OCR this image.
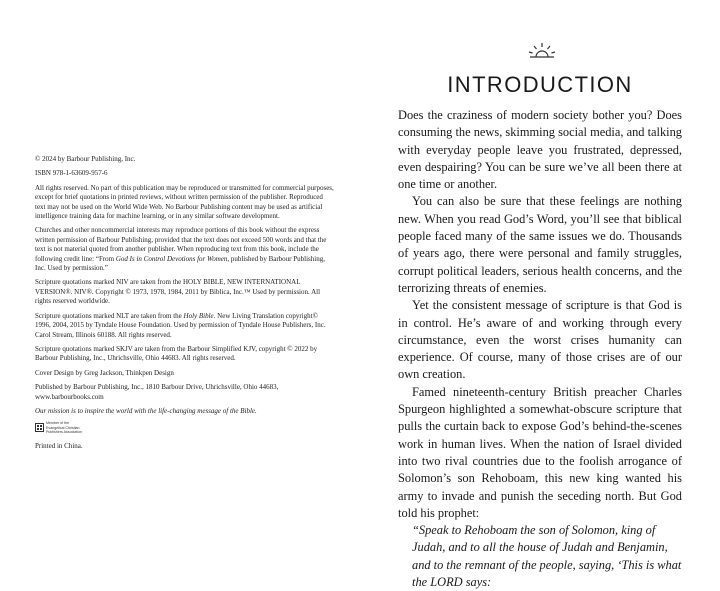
© 2024 by Barbour Publishing, Inc.

ISBN 978-1-63609-957-6

All rights reserved. No part of this publication may be reproduced or transmitted for commercial purposes, except for brief quotations in printed reviews, without written permission of the publisher. Reproduced text may not be used on the World Wide Web. No Barbour Publishing content may be used as artificial intelligence training data for machine learning, or in any similar software development.

Churches and other noncommercial interests may reproduce portions of this book without the express written permission of Barbour Publishing, provided that the text does not exceed 500 words and that the text is not material quoted from another publisher. When reproducing text from this book, include the following credit line: “From God Is in Control Devotions for Women, published by Barbour Publishing, Inc. Used by permission.”

Scripture quotations marked NIV are taken from the HOLY BIBLE, NEW INTERNATIONAL VERSION®. NIV®. Copyright © 1973, 1978, 1984, 2011 by Biblica, Inc.™ Used by permission. All rights reserved worldwide.

Scripture quotations marked NLT are taken from the Holy Bible. New Living Translation copyright© 1996, 2004, 2015 by Tyndale House Foundation. Used by permission of Tyndale House Publishers, Inc. Carol Stream, Illinois 60188. All rights reserved.

Scripture quotations marked SKJV are taken from the Barbour Simplified KJV, copyright © 2022 by Barbour Publishing, Inc., Uhrichsville, Ohio 44683. All rights reserved.

Cover Design by Greg Jackson, Thinkpen Design

Published by Barbour Publishing, Inc., 1810 Barbour Drive, Uhrichsville, Ohio 44683, www.barbourbooks.com

Our mission is to inspire the world with the life-changing message of the Bible.

Member of the Evangelical Christian Publishers Association

Printed in China.

INTRODUCTION

Does the craziness of modern society bother you? Does consuming the news, skimming social media, and talking with everyday people leave you frustrated, depressed, even despairing? You can be sure we’ve all been there at one time or another.

You can also be sure that these feelings are nothing new. When you read God’s Word, you’ll see that biblical people faced many of the same issues we do. Thousands of years ago, there were personal and family struggles, corrupt political leaders, serious health concerns, and the terrorizing threats of enemies.

Yet the consistent message of scripture is that God is in control. He’s aware of and working through every circumstance, even the worst crises humanity can experience. Of course, many of those crises are of our own creation.

Famed nineteenth-century British preacher Charles Spurgeon highlighted a somewhat-obscure scripture that pulls the curtain back to expose God’s behind-the-scenes work in human lives. When the nation of Israel divided into two rival countries due to the foolish arrogance of Solomon’s son Rehoboam, this new king wanted his army to invade and punish the seceding north. But God told his prophet:

“Speak to Rehoboam the son of Solomon, king of Judah, and to all the house of Judah and Benjamin, and to the remnant of the people, saying, ‘This is what the LORD says:
